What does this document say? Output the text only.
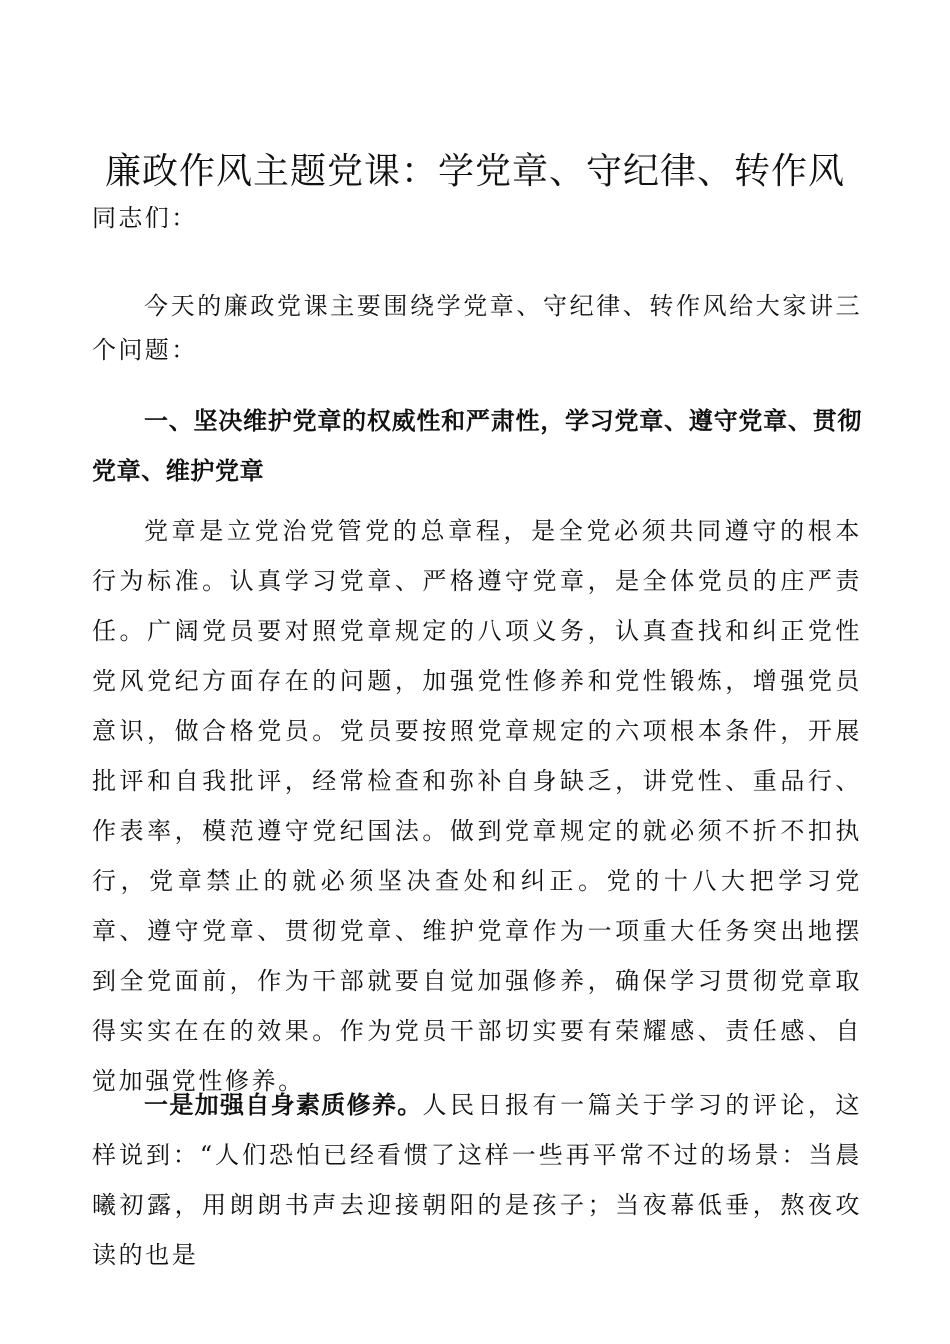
廉政作风主题党课：学党章、守纪律、转作风
同志们：
今天的廉政党课主要围绕学党章、守纪律、转作风给大家讲三个问题：
一、坚决维护党章的权威性和严肃性，学习党章、遵守党章、贯彻党章、维护党章
党章是立党治党管党的总章程，是全党必须共同遵守的根本行为标准。认真学习党章、严格遵守党章，是全体党员的庄严责任。广阔党员要对照党章规定的八项义务，认真查找和纠正党性党风党纪方面存在的问题，加强党性修养和党性锻炼，增强党员意识，做合格党员。党员要按照党章规定的六项根本条件，开展批评和自我批评，经常检查和弥补自身缺乏，讲党性、重品行、作表率，模范遵守党纪国法。做到党章规定的就必须不折不扣执行，党章禁止的就必须坚决查处和纠正。党的十八大把学习党章、遵守党章、贯彻党章、维护党章作为一项重大任务突出地摆到全党面前，作为干部就要自觉加强修养，确保学习贯彻党章取得实实在在的效果。作为党员干部切实要有荣耀感、责任感、自觉加强党性修养。
一是加强自身素质修养。人民日报有一篇关于学习的评论，这样说到：“人们恐怕已经看惯了这样一些再平常不过的场景：当晨曦初露，用朗朗书声去迎接朝阳的是孩子；当夜幕低垂，熬夜攻读的也是
